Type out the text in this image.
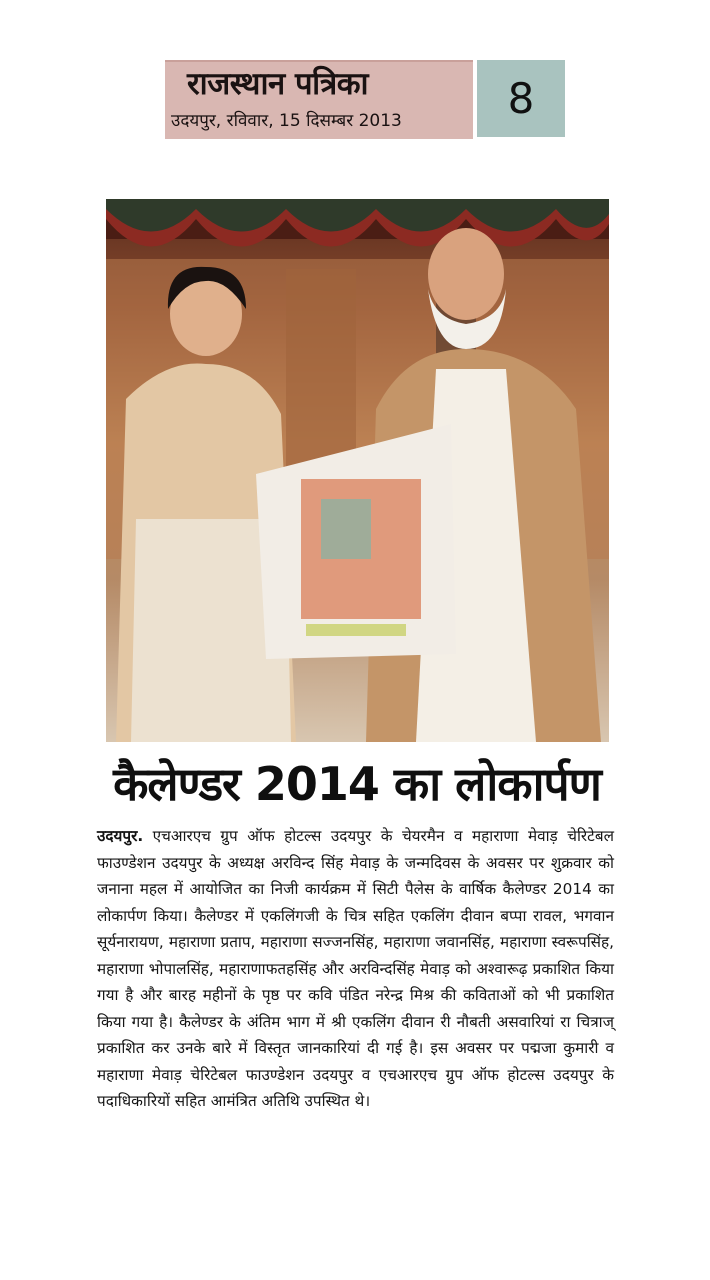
राजस्थान पत्रिका
उदयपुर, रविवार, 15 दिसम्बर 2013	8
कैलेण्डर 2014 का लोकार्पण
उदयपुर. एचआरएच ग्रुप ऑफ होटल्स उदयपुर के चेयरमैन व महाराणा मेवाड़ चेरिटेबल फाउण्डेशन उदयपुर के अध्यक्ष अरविन्द सिंह मेवाड़ के जन्मदिवस के अवसर पर शुक्रवार को जनाना महल में आयोजित का निजी कार्यक्रम में सिटी पैलेस के वार्षिक कैलेण्डर 2014 का लोकार्पण किया। कैलेण्डर में एकलिंगजी के चित्र सहित एकलिंग दीवान बप्पा रावल, भगवान सूर्यनारायण, महाराणा प्रताप, महाराणा सज्जनसिंह, महाराणा जवानसिंह, महाराणा स्वरूपसिंह, महाराणा भोपालसिंह, महाराणाफतहसिंह और अरविन्दसिंह मेवाड़ को अश्वारूढ़ प्रकाशित किया गया है और बारह महीनों के पृष्ठ पर कवि पंडित नरेन्द्र मिश्र की कविताओं को भी प्रकाशित किया गया है। कैलेण्डर के अंतिम भाग में श्री एकलिंग दीवान री नौबती असवारियां रा चित्राज् प्रकाशित कर उनके बारे में विस्तृत जानकारियां दी गई है। इस अवसर पर पद्मजा कुमारी व महाराणा मेवाड़ चेरिटेबल फाउण्डेशन उदयपुर व एचआरएच ग्रुप ऑफ होटल्स उदयपुर के पदाधिकारियों सहित आमंत्रित अतिथि उपस्थित थे।
